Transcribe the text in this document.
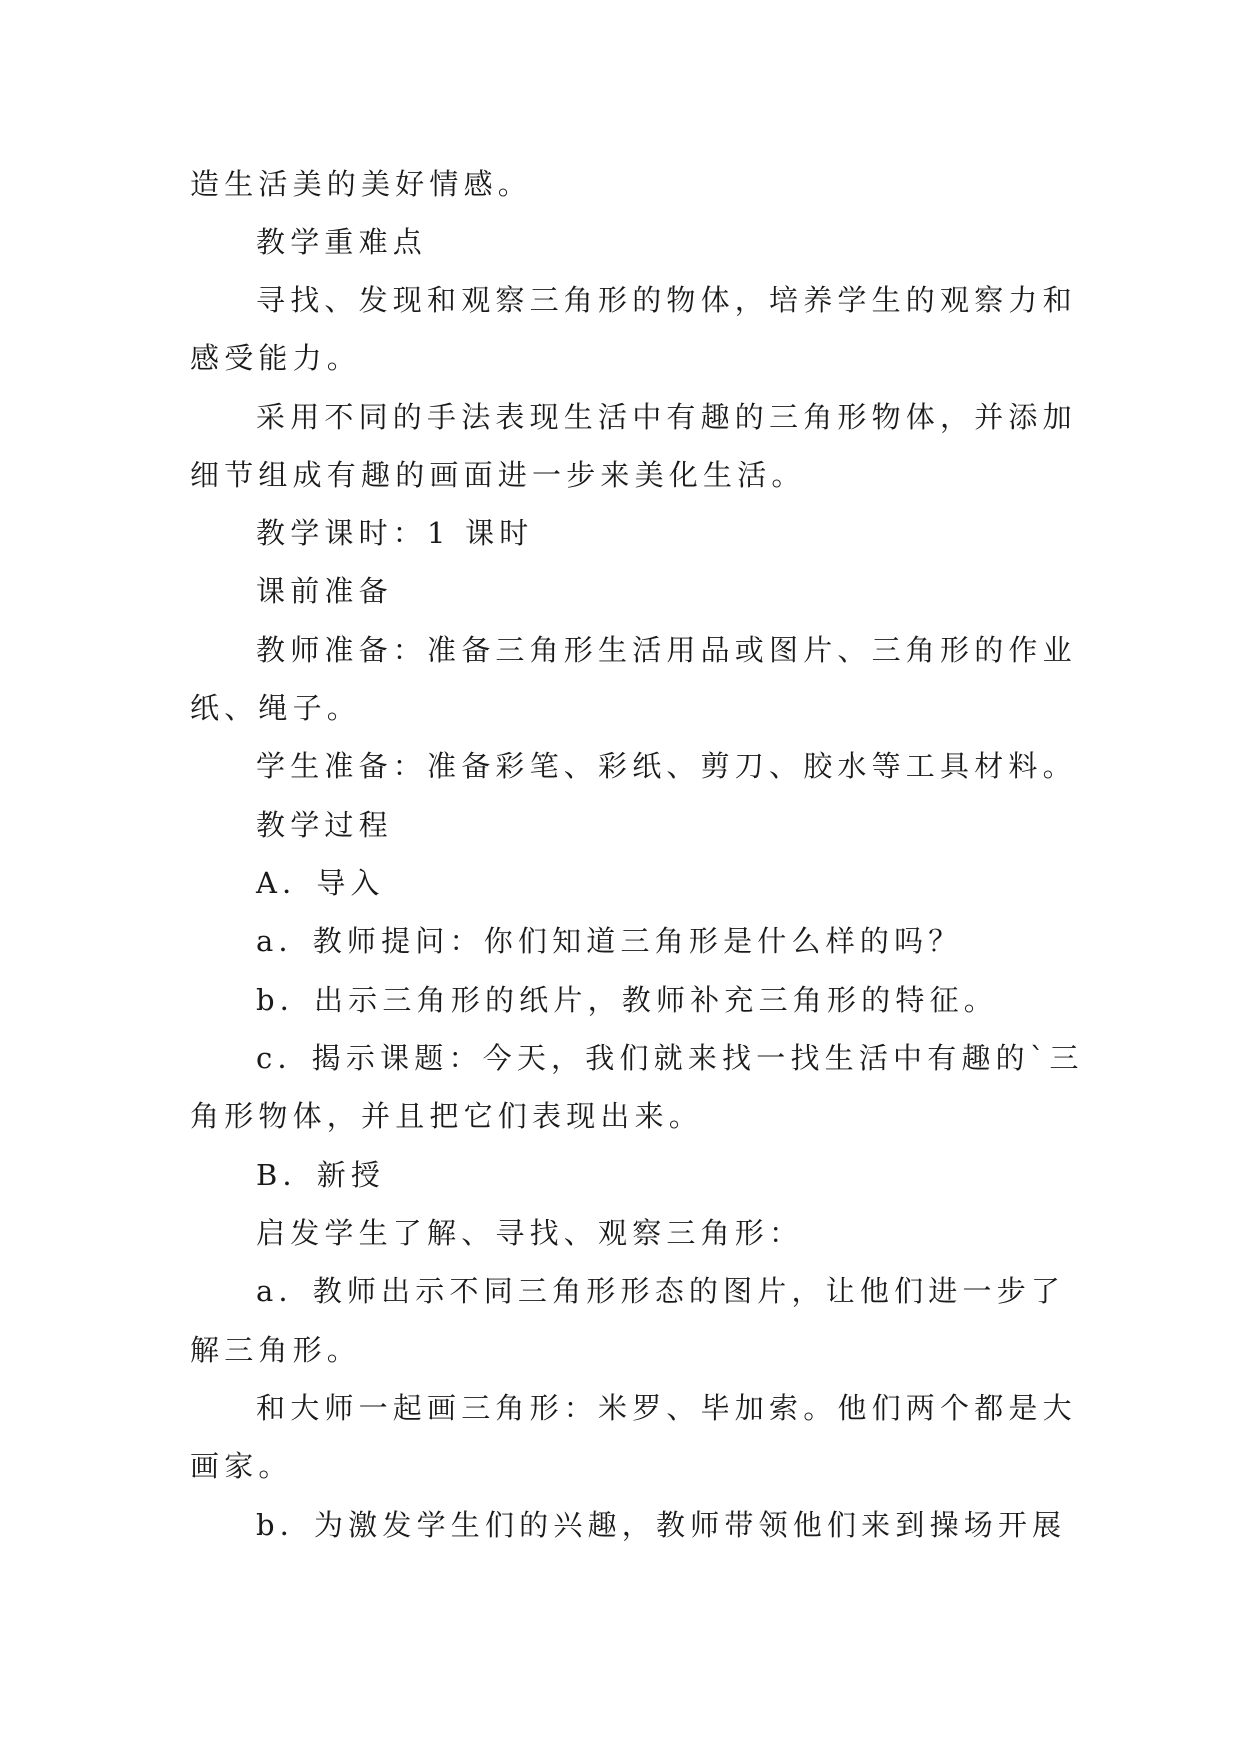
造生活美的美好情感。
教学重难点
寻找、发现和观察三角形的物体，培养学生的观察力和
感受能力。
采用不同的手法表现生活中有趣的三角形物体，并添加
细节组成有趣的画面进一步来美化生活。
教学课时：1 课时
课前准备
教师准备：准备三角形生活用品或图片、三角形的作业
纸、绳子。
学生准备：准备彩笔、彩纸、剪刀、胶水等工具材料。
教学过程
A．导入
a．教师提问：你们知道三角形是什么样的吗？
b．出示三角形的纸片，教师补充三角形的特征。
c．揭示课题：今天，我们就来找一找生活中有趣的`三
角形物体，并且把它们表现出来。
B．新授
启发学生了解、寻找、观察三角形：
a．教师出示不同三角形形态的图片，让他们进一步了
解三角形。
和大师一起画三角形：米罗、毕加索。他们两个都是大
画家。
b．为激发学生们的兴趣，教师带领他们来到操场开展
